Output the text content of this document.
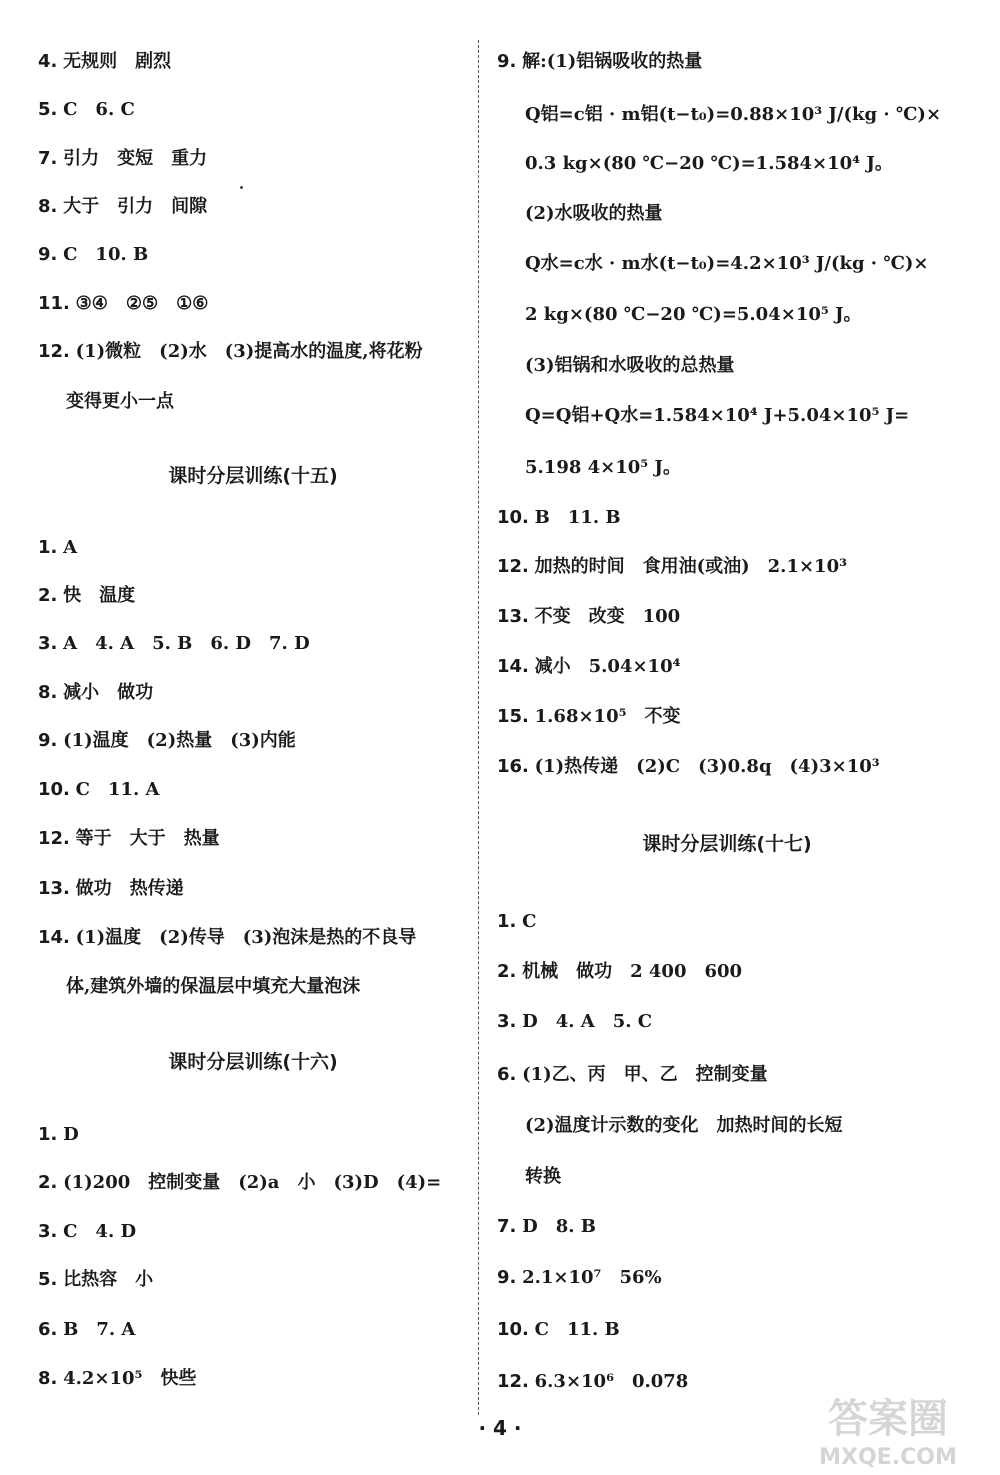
4. 无规则　剧烈
5. C　6. C
7. 引力　变短　重力
8. 大于　引力　间隙
9. C　10. B
11. ③④　②⑤　①⑥
12. (1)微粒　(2)水　(3)提高水的温度,将花粉
变得更小一点
课时分层训练(十五)
1. A
2. 快　温度
3. A　4. A　5. B　6. D　7. D
8. 减小　做功
9. (1)温度　(2)热量　(3)内能
10. C　11. A
12. 等于　大于　热量
13. 做功　热传递
14. (1)温度　(2)传导　(3)泡沫是热的不良导
体,建筑外墙的保温层中填充大量泡沫
课时分层训练(十六)
1. D
2. (1)200　控制变量　(2)a　小　(3)D　(4)=
3. C　4. D
5. 比热容　小
6. B　7. A
8. 4.2×10⁵　快些
9. 解:(1)铝锅吸收的热量
Q铝=c铝 · m铝(t−t₀)=0.88×10³ J/(kg · ℃)×
0.3 kg×(80 ℃−20 ℃)=1.584×10⁴ J。
(2)水吸收的热量
Q水=c水 · m水(t−t₀)=4.2×10³ J/(kg · ℃)×
2 kg×(80 ℃−20 ℃)=5.04×10⁵ J。
(3)铝锅和水吸收的总热量
Q=Q铝+Q水=1.584×10⁴ J+5.04×10⁵ J=
5.198 4×10⁵ J。
10. B　11. B
12. 加热的时间　食用油(或油)　2.1×10³
13. 不变　改变　100
14. 减小　5.04×10⁴
15. 1.68×10⁵　不变
16. (1)热传递　(2)C　(3)0.8q　(4)3×10³
课时分层训练(十七)
1. C
2. 机械　做功　2 400　600
3. D　4. A　5. C
6. (1)乙、丙　甲、乙　控制变量
(2)温度计示数的变化　加热时间的长短
转换
7. D　8. B
9. 2.1×10⁷　56%
10. C　11. B
12. 6.3×10⁶　0.078
· 4 ·	答案圈
MXQE.COM
